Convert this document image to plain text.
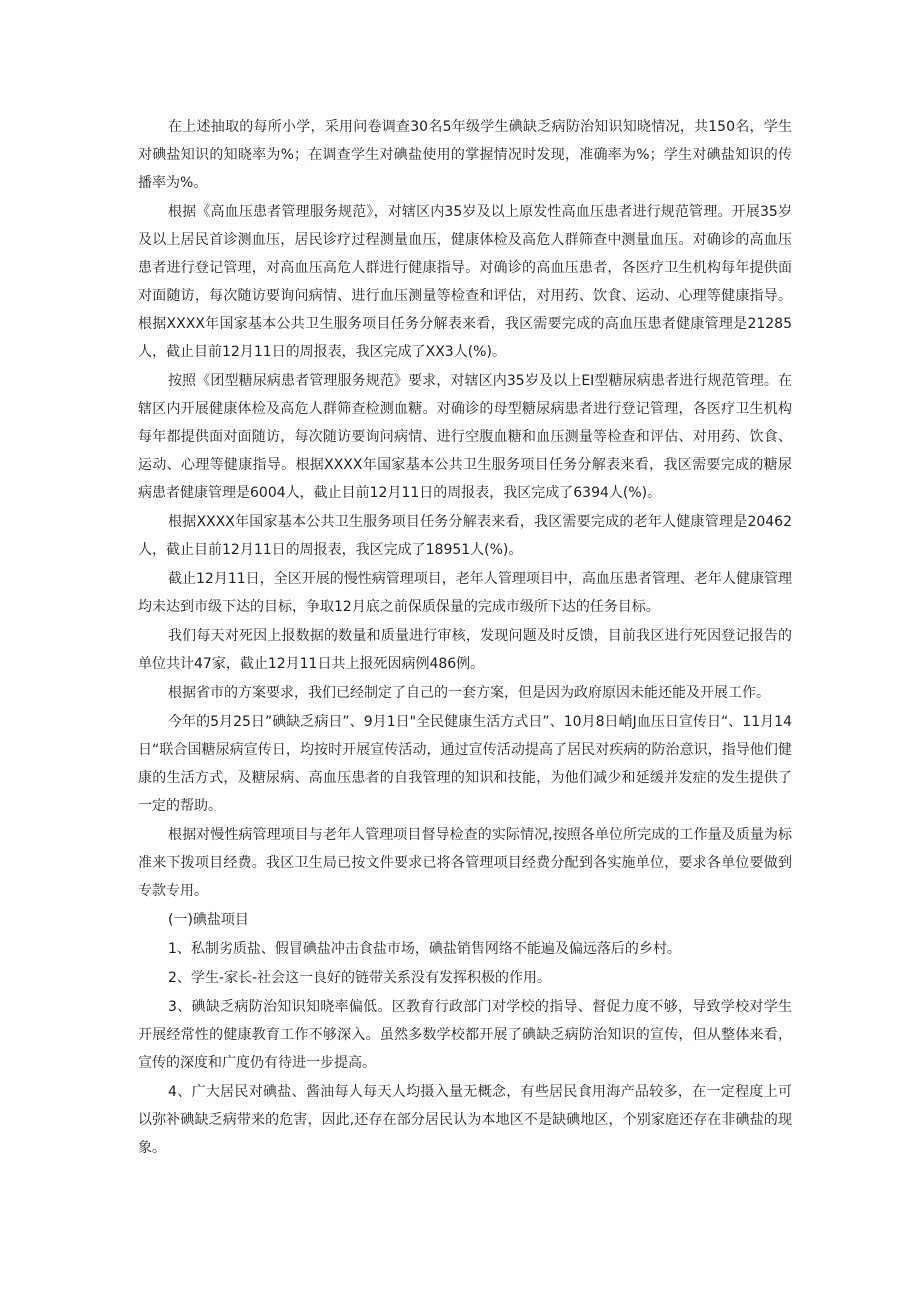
在上述抽取的每所小学，采用问卷调查30名5年级学生碘缺乏病防治知识知晓情况，共150名，学生对碘盐知识的知晓率为%；在调查学生对碘盐使用的掌握情况时发现，准确率为%；学生对碘盐知识的传播率为%。

根据《高血压患者管理服务规范》，对辖区内35岁及以上原发性高血压患者进行规范管理。开展35岁及以上居民首诊测血压，居民诊疗过程测量血压，健康体检及高危人群筛查中测量血压。对确诊的高血压患者进行登记管理，对高血压高危人群进行健康指导。对确诊的高血压患者，各医疗卫生机构每年提供面对面随访，每次随访要询问病情、进行血压测量等检查和评估，对用药、饮食、运动、心理等健康指导。根据XXXX年国家基本公共卫生服务项目任务分解表来看，我区需要完成的高血压患者健康管理是21285人，截止目前12月11日的周报表，我区完成了XX3人(%)。

按照《团型糖尿病患者管理服务规范》要求，对辖区内35岁及以上EI型糖尿病患者进行规范管理。在辖区内开展健康体检及高危人群筛查检测血糖。对确诊的母型糖尿病患者进行登记管理，各医疗卫生机构每年都提供面对面随访，每次随访要询问病情、进行空腹血糖和血压测量等检查和评估、对用药、饮食、运动、心理等健康指导。根据XXXX年国家基本公共卫生服务项目任务分解表来看，我区需要完成的糖尿病患者健康管理是6004人，截止目前12月11日的周报表，我区完成了6394人(%)。

根据XXXX年国家基本公共卫生服务项目任务分解表来看，我区需要完成的老年人健康管理是20462人，截止目前12月11日的周报表，我区完成了18951人(%)。

截止12月11日，全区开展的慢性病管理项目，老年人管理项目中，高血压患者管理、老年人健康管理均未达到市级下达的目标，争取12月底之前保质保量的完成市级所下达的任务目标。

我们每天对死因上报数据的数量和质量进行审核，发现问题及时反馈，目前我区进行死因登记报告的单位共计47家，截止12月11日共上报死因病例486例。

根据省市的方案要求，我们已经制定了自己的一套方案，但是因为政府原因未能还能及开展工作。

今年的5月25日”碘缺乏病日”、9月1日"全民健康生活方式日”、10月8日峭J血压日宣传日“、11月14日“联合国糖尿病宣传日，均按时开展宣传活动，通过宣传活动提高了居民对疾病的防治意识，指导他们健康的生活方式，及糖尿病、高血压患者的自我管理的知识和技能，为他们减少和延缓并发症的发生提供了一定的帮助。

根据对慢性病管理项目与老年人管理项目督导检查的实际情况,按照各单位所完成的工作量及质量为标准来下拨项目经费。我区卫生局已按文件要求已将各管理项目经费分配到各实施单位，要求各单位要做到专款专用。

(一)碘盐项目

1、私制劣质盐、假冒碘盐冲击食盐市场，碘盐销售网络不能遍及偏远落后的乡村。

2、学生-家长-社会这一良好的链带关系没有发挥积极的作用。

3、碘缺乏病防治知识知晓率偏低。区教育行政部门对学校的指导、督促力度不够，导致学校对学生开展经常性的健康教育工作不够深入。虽然多数学校都开展了碘缺乏病防治知识的宣传，但从整体来看，宣传的深度和广度仍有待进一步提高。

4、广大居民对碘盐、酱油每人每天人均摄入量无概念，有些居民食用海产品较多，在一定程度上可以弥补碘缺乏病带来的危害，因此,还存在部分居民认为本地区不是缺碘地区，个别家庭还存在非碘盐的现象。
